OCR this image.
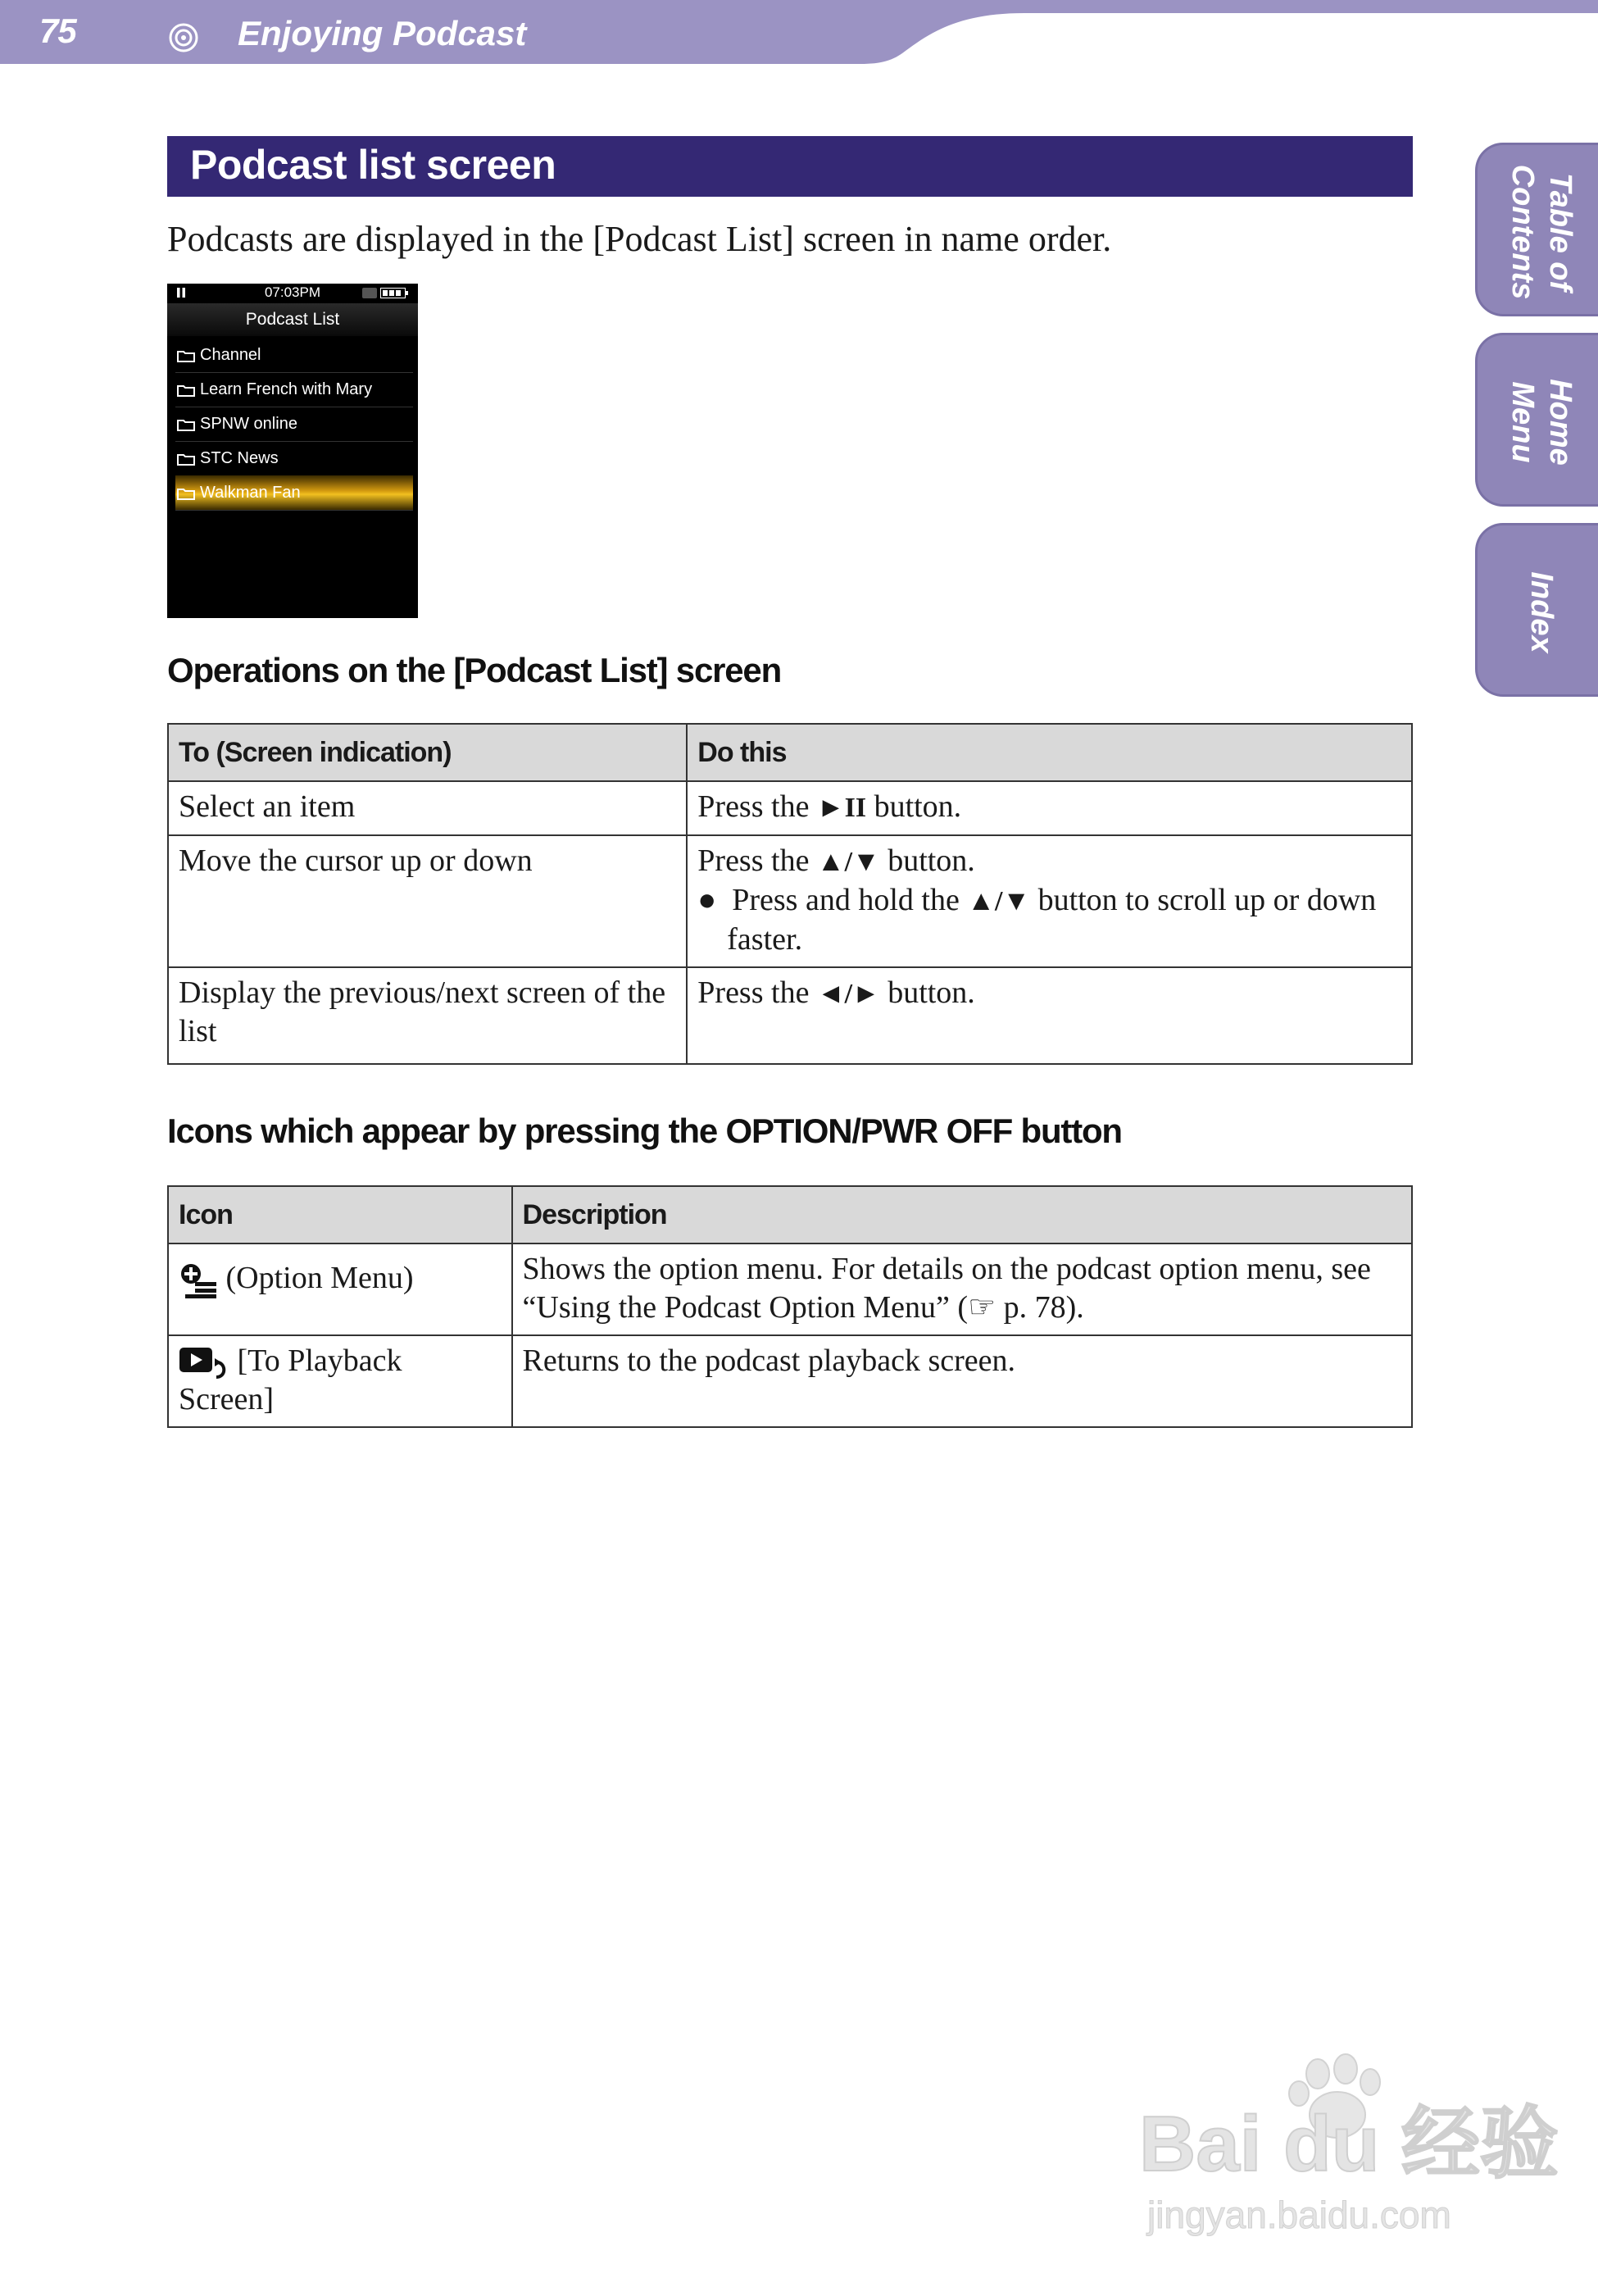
75	Enjoying Podcast
Table of
Contents
Home
Menu
Index
Podcast list screen
Podcasts are displayed in the [Podcast List] screen in name order.
07:03PM
Podcast List
Channel
Learn French with Mary
SPNW online
STC News
Walkman Fan
Operations on the [Podcast List] screen
To (Screen indication)	Do this
Select an item	Press the ►II button.
Move the cursor up or down	Press the ▲/▼ button.
●  Press and hold the ▲/▼ button to scroll up or down faster.

Display the previous/next screen of the list	Press the ◄/► button.
Icons which appear by pressing the OPTION/PWR OFF button
Icon	Description
(Option Menu)	Shows the option menu. For details on the podcast option menu, see “Using the Podcast Option Menu” (☞ p. 78).
[To Playback Screen]	Returns to the podcast playback screen.
Bai du 经验
jingyan.baidu.com
